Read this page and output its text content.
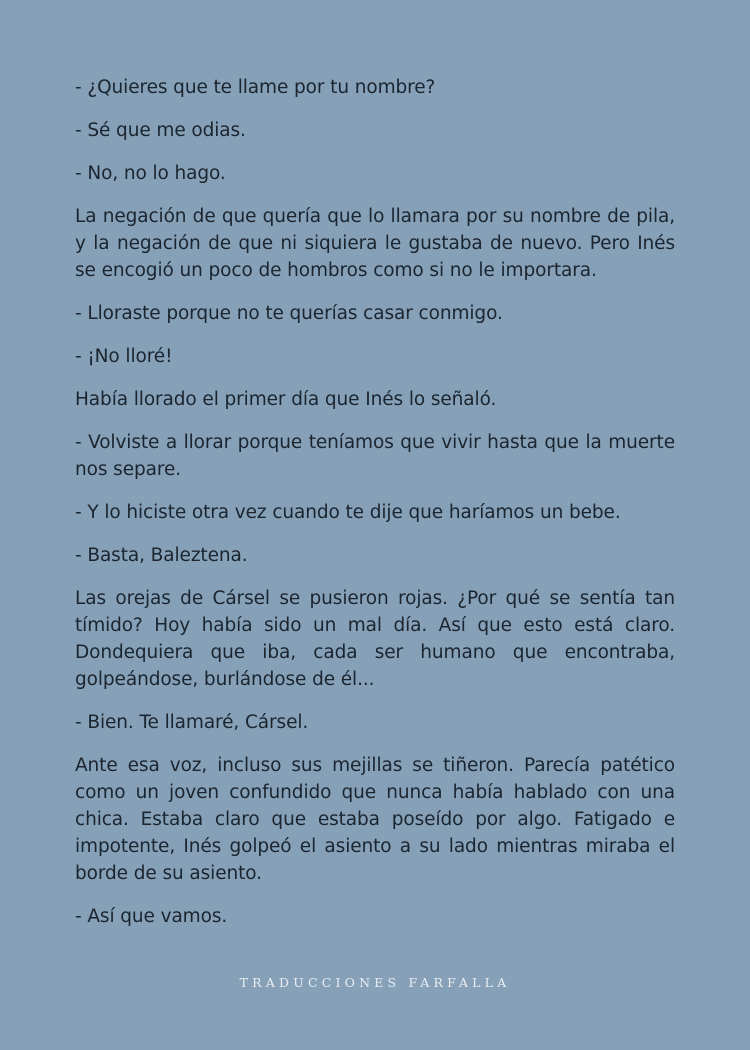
- ¿Quieres que te llame por tu nombre?

- Sé que me odias.

- No, no lo hago.

La negación de que quería que lo llamara por su nombre de pila, y la negación de que ni siquiera le gustaba de nuevo. Pero Inés se encogió un poco de hombros como si no le importara.

- Lloraste porque no te querías casar conmigo.

- ¡No lloré!

Había llorado el primer día que Inés lo señaló.

- Volviste a llorar porque teníamos que vivir hasta que la muerte nos separe.

- Y lo hiciste otra vez cuando te dije que haríamos un bebe.

- Basta, Baleztena.

Las orejas de Cársel se pusieron rojas. ¿Por qué se sentía tan tímido? Hoy había sido un mal día. Así que esto está claro. Dondequiera que iba, cada ser humano que encontraba, golpeándose, burlándose de él...

- Bien. Te llamaré, Cársel.

Ante esa voz, incluso sus mejillas se tiñeron. Parecía patético como un joven confundido que nunca había hablado con una chica. Estaba claro que estaba poseído por algo. Fatigado e impotente, Inés golpeó el asiento a su lado mientras miraba el borde de su asiento.

- Así que vamos.

TRADUCCIONES FARFALLA
